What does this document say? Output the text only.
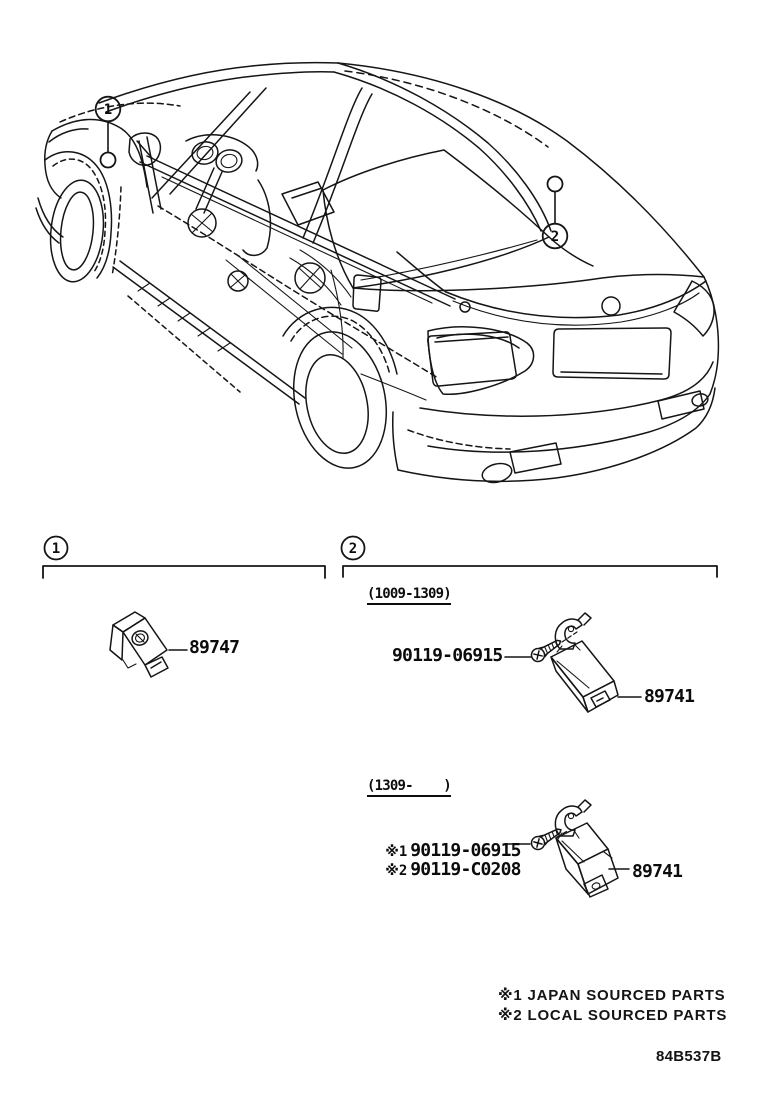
1
2
1	2
89747
(1009-1309)
90119-06915
89741
(1309-    )

※1 90119-06915

※2 90119-C0208	89741
※1 JAPAN SOURCED PARTS
※2 LOCAL SOURCED PARTS
84B537B
